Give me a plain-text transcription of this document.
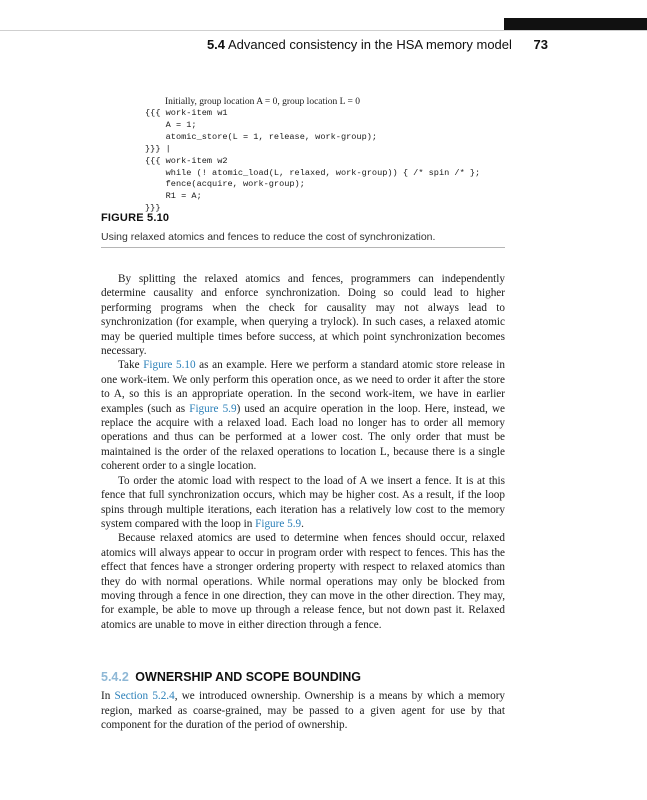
5.4 Advanced consistency in the HSA memory model 73
Initially, group location A = 0, group location L = 0
{{{ work-item w1
A = 1;
atomic_store(L = 1, release, work-group);
}}} |
{{{ work-item w2
while (! atomic_load(L, relaxed, work-group)) { /* spin /* };
fence(acquire, work-group);
R1 = A;
}}}
FIGURE 5.10
Using relaxed atomics and fences to reduce the cost of synchronization.

By splitting the relaxed atomics and fences, programmers can independently determine causality and enforce synchronization. Doing so could lead to higher performing programs when the check for causality may not always lead to synchronization (for example, when querying a trylock). In such cases, a relaxed atomic may be queried multiple times before success, at which point synchronization becomes necessary.

Take Figure 5.10 as an example. Here we perform a standard atomic store release in one work-item. We only perform this operation once, as we need to order it after the store to A, so this is an appropriate operation. In the second work-item, we have in earlier examples (such as Figure 5.9) used an acquire operation in the loop. Here, instead, we replace the acquire with a relaxed load. Each load no longer has to order all memory operations and thus can be performed at a lower cost. The only order that must be maintained is the order of the relaxed operations to location L, because there is a single coherent order to a single location.

To order the atomic load with respect to the load of A we insert a fence. It is at this fence that full synchronization occurs, which may be higher cost. As a result, if the loop spins through multiple iterations, each iteration has a relatively low cost to the memory system compared with the loop in Figure 5.9.

Because relaxed atomics are used to determine when fences should occur, relaxed atomics will always appear to occur in program order with respect to fences. This has the effect that fences have a stronger ordering property with respect to relaxed atomics than they do with normal operations. While normal operations may only be blocked from moving through a fence in one direction, they can move in the other direction. They may, for example, be able to move up through a release fence, but not down past it. Relaxed atomics are unable to move in either direction through a fence.

5.4.2 OWNERSHIP AND SCOPE BOUNDING

In Section 5.2.4, we introduced ownership. Ownership is a means by which a memory region, marked as coarse-grained, may be passed to a given agent for use by that component for the duration of the period of ownership.
